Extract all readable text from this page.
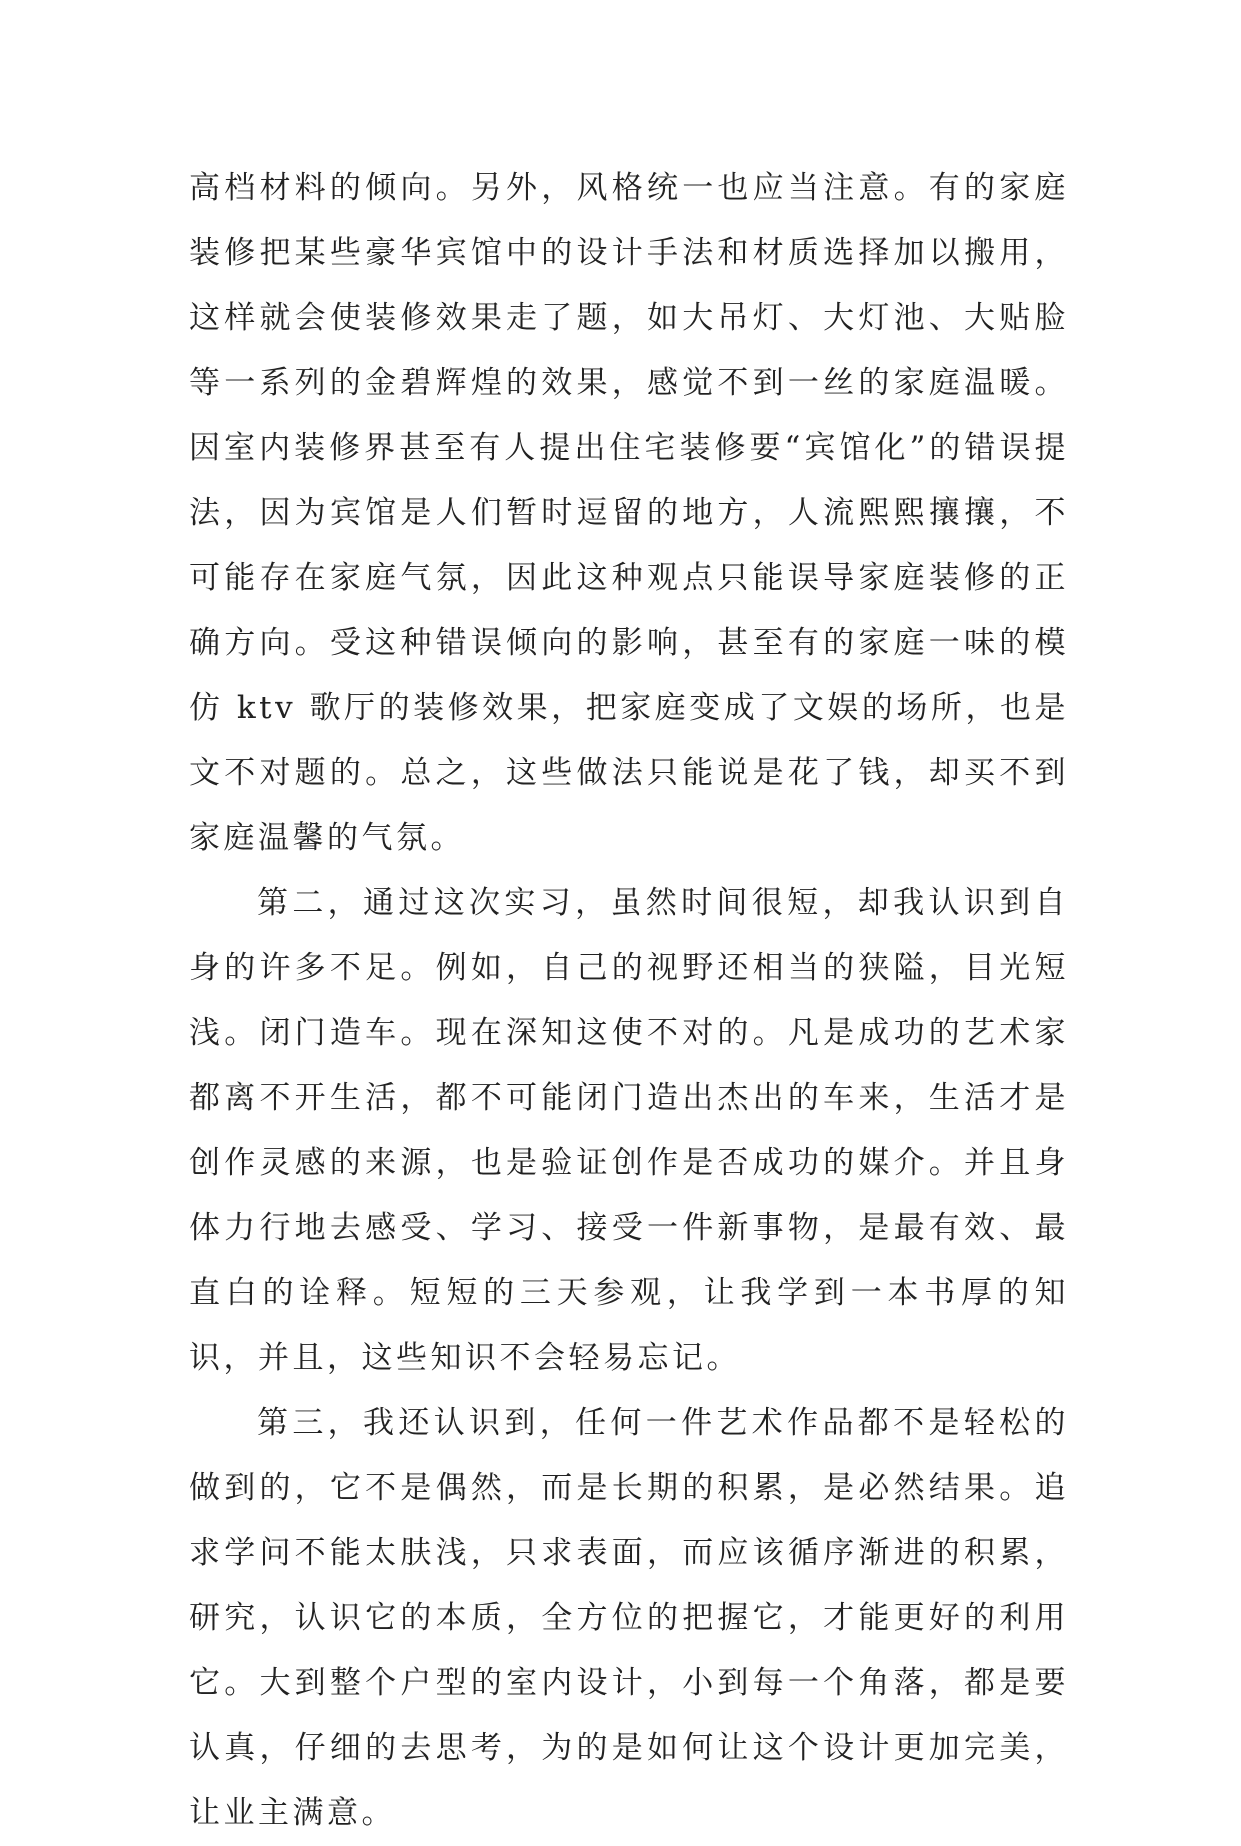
高档材料的倾向。另外，风格统一也应当注意。有的家庭装修把某些豪华宾馆中的设计手法和材质选择加以搬用，这样就会使装修效果走了题，如大吊灯、大灯池、大贴脸等一系列的金碧辉煌的效果，感觉不到一丝的家庭温暖。因室内装修界甚至有人提出住宅装修要“宾馆化”的错误提法，因为宾馆是人们暂时逗留的地方，人流熙熙攘攘，不可能存在家庭气氛，因此这种观点只能误导家庭装修的正确方向。受这种错误倾向的影响，甚至有的家庭一味的模仿 ktv 歌厅的装修效果，把家庭变成了文娱的场所，也是文不对题的。总之，这些做法只能说是花了钱，却买不到家庭温馨的气氛。

第二，通过这次实习，虽然时间很短，却我认识到自身的许多不足。例如，自己的视野还相当的狭隘，目光短浅。闭门造车。现在深知这使不对的。凡是成功的艺术家都离不开生活，都不可能闭门造出杰出的车来，生活才是创作灵感的来源，也是验证创作是否成功的媒介。并且身体力行地去感受、学习、接受一件新事物，是最有效、最直白的诠释。短短的三天参观，让我学到一本书厚的知识，并且，这些知识不会轻易忘记。

第三，我还认识到，任何一件艺术作品都不是轻松的做到的，它不是偶然，而是长期的积累，是必然结果。追求学问不能太肤浅，只求表面，而应该循序渐进的积累，研究，认识它的本质，全方位的把握它，才能更好的利用它。大到整个户型的室内设计，小到每一个角落，都是要认真，仔细的去思考，为的是如何让这个设计更加完美，让业主满意。
